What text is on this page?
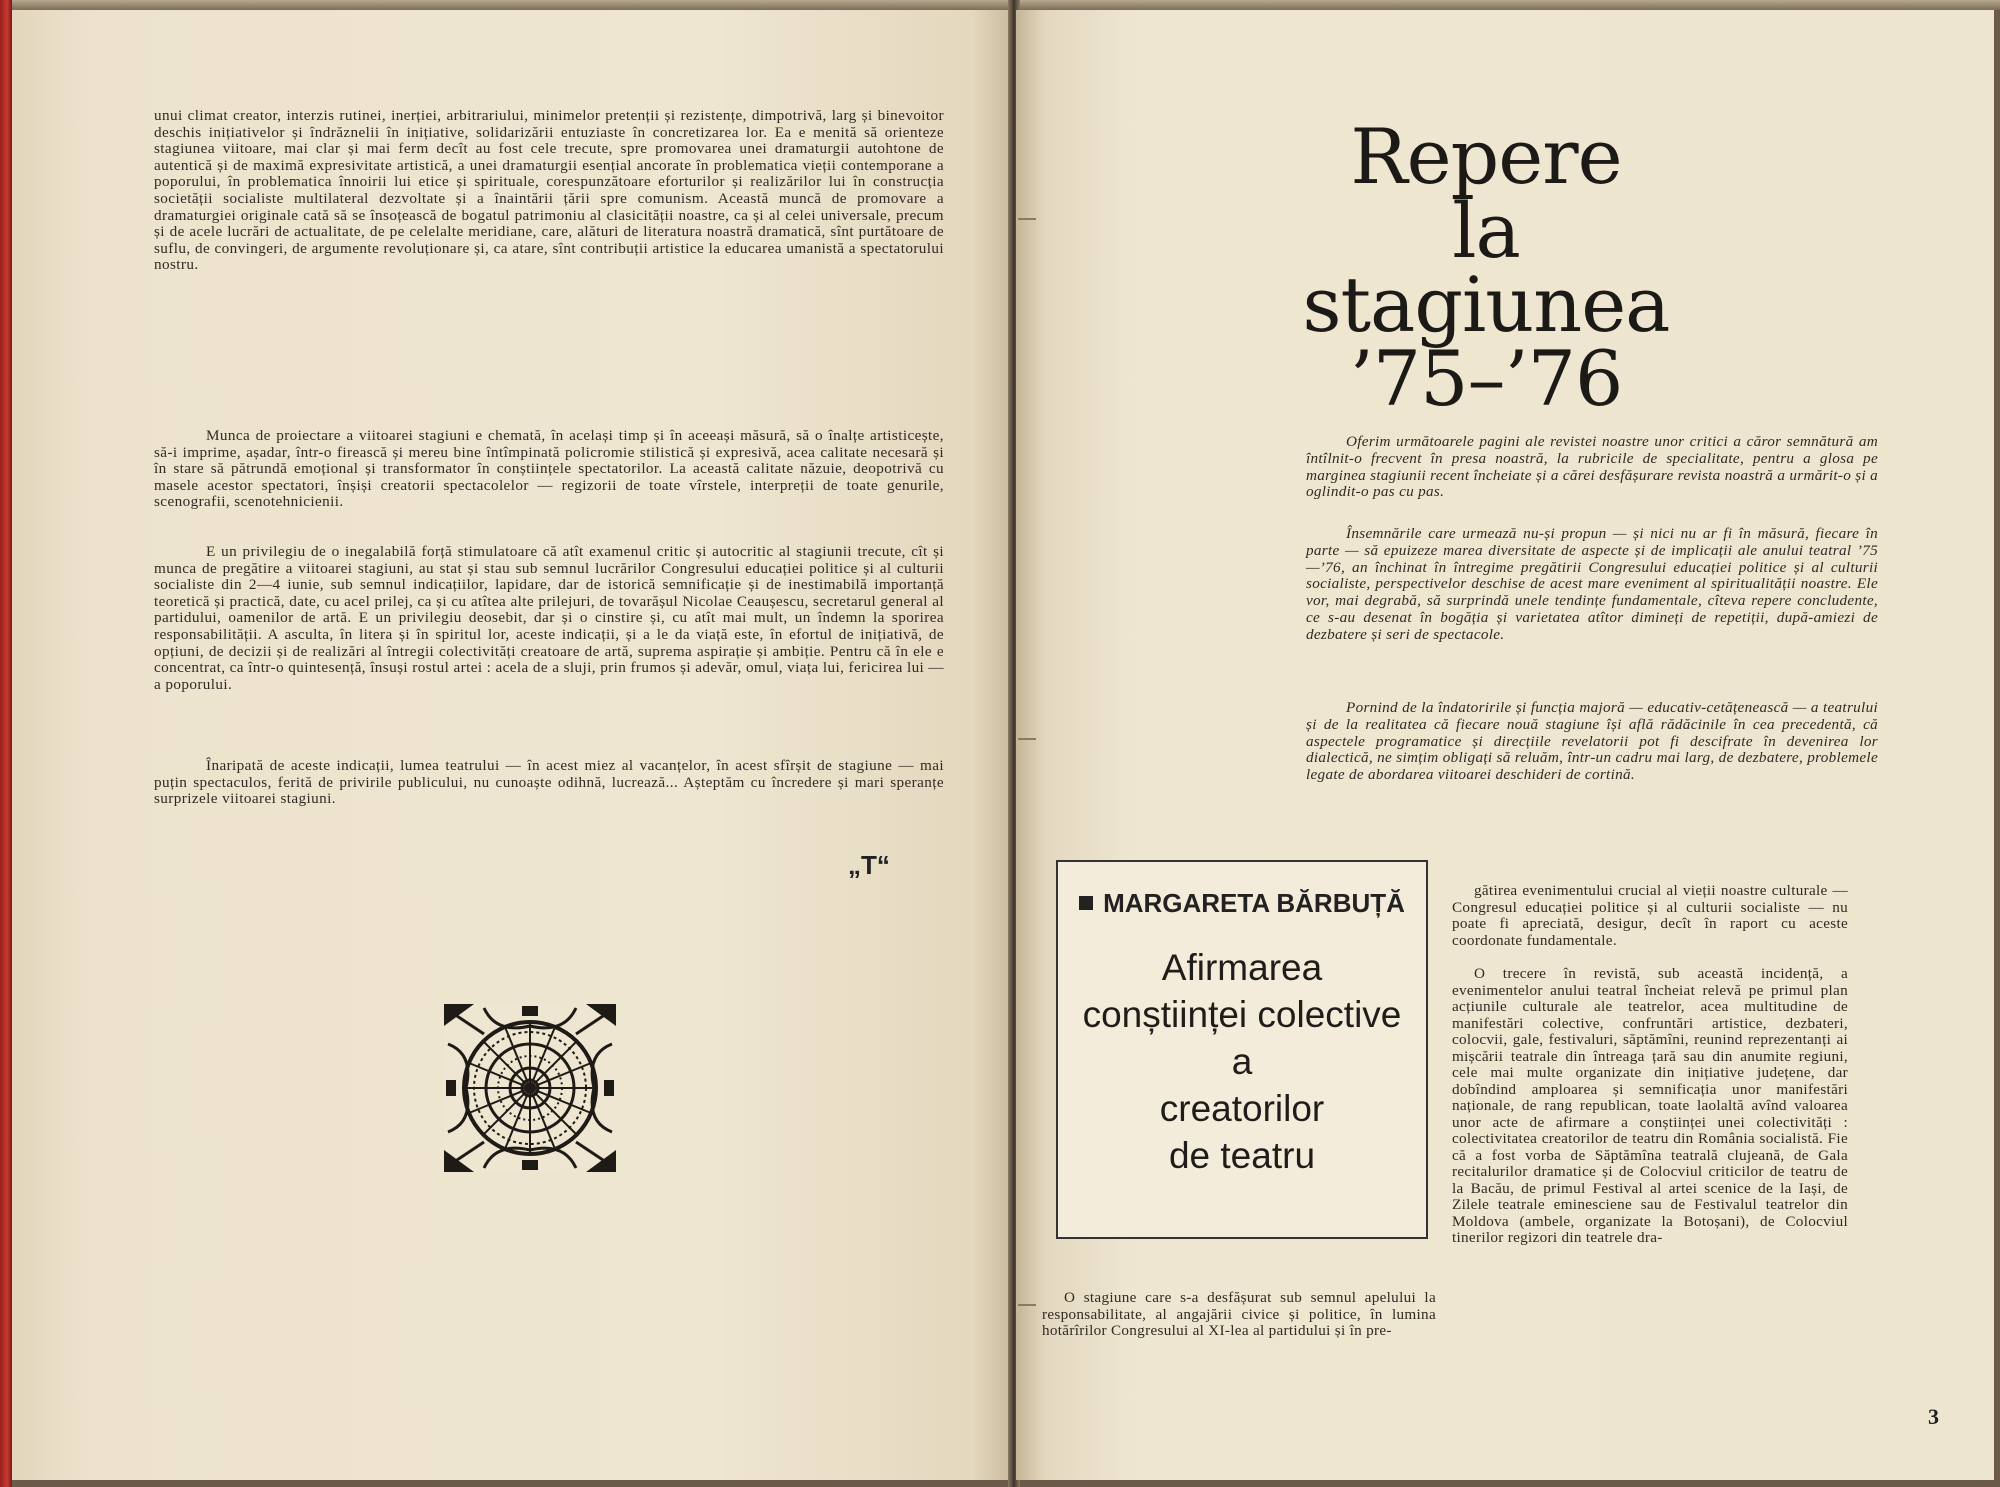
unui climat creator, interzis rutinei, inerției, arbitrariului, minimelor pretenții și rezistențe, dimpotrivă, larg și binevoitor deschis inițiativelor și îndrăznelii în inițiative, solidarizării entuziaste în concretizarea lor. Ea e menită să orienteze stagiunea viitoare, mai clar și mai ferm decît au fost cele trecute, spre promovarea unei dramaturgii autohtone de autentică și de maximă expresivitate artistică, a unei dramaturgii esențial ancorate în problematica vieții contemporane a poporului, în problematica înnoirii lui etice și spirituale, corespunzătoare eforturilor și realizărilor lui în construcția societății socialiste multilateral dezvoltate și a înaintării țării spre comunism. Această muncă de promovare a dramaturgiei originale cată să se însoțească de bogatul patrimoniu al clasicității noastre, ca și al celei universale, precum și de acele lucrări de actualitate, de pe celelalte meridiane, care, alături de literatura noastră dramatică, sînt purtătoare de suflu, de convingeri, de argumente revoluționare și, ca atare, sînt contribuții artistice la educarea umanistă a spectatorului nostru.

Munca de proiectare a viitoarei stagiuni e chemată, în același timp și în aceeași măsură, să o înalțe artisticește, să-i imprime, așadar, într-o firească și mereu bine întîmpinată policromie stilistică și expresivă, acea calitate necesară și în stare să pătrundă emoțional și transformator în conștiințele spectatorilor. La această calitate năzuie, deopotrivă cu masele acestor spectatori, înșiși creatorii spectacolelor — regizorii de toate vîrstele, interpreții de toate genurile, scenografii, scenotehnicienii.

E un privilegiu de o inegalabilă forță stimulatoare că atît examenul critic și autocritic al stagiunii trecute, cît și munca de pregătire a viitoarei stagiuni, au stat și stau sub semnul lucrărilor Congresului educației politice și al culturii socialiste din 2—4 iunie, sub semnul indicațiilor, lapidare, dar de istorică semnificație și de inestimabilă importanță teoretică și practică, date, cu acel prilej, ca și cu atîtea alte prilejuri, de tovarășul Nicolae Ceaușescu, secretarul general al partidului, oamenilor de artă. E un privilegiu deosebit, dar și o cinstire și, cu atît mai mult, un îndemn la sporirea responsabilității. A asculta, în litera și în spiritul lor, aceste indicații, și a le da viață este, în efortul de inițiativă, de opțiuni, de decizii și de realizări al întregii colectivități creatoare de artă, suprema aspirație și ambiție. Pentru că în ele e concentrat, ca într-o quintesență, însuși rostul artei : acela de a sluji, prin frumos și adevăr, omul, viața lui, fericirea lui — a poporului.

Înaripată de aceste indicații, lumea teatrului — în acest miez al vacanțelor, în acest sfîrșit de stagiune — mai puțin spectaculos, ferită de privirile publicului, nu cunoaște odihnă, lucrează... Așteptăm cu încredere și mari speranțe surprizele viitoarei stagiuni.

„T“
Repere
la
stagiunea ’75–’76

Oferim următoarele pagini ale revistei noastre unor critici a căror semnătură am întîlnit-o frecvent în presa noastră, la rubricile de specialitate, pentru a glosa pe marginea stagiunii recent încheiate și a cărei desfășurare revista noastră a urmărit-o și a oglindit-o pas cu pas.

Însemnările care urmează nu-și propun — și nici nu ar fi în măsură, fiecare în parte — să epuizeze marea diversitate de aspecte și de implicații ale anului teatral ’75—’76, an închinat în întregime pregătirii Congresului educației politice și al culturii socialiste, perspectivelor deschise de acest mare eveniment al spiritualității noastre. Ele vor, mai degrabă, să surprindă unele tendințe fundamentale, cîteva repere concludente, ce s-au desenat în bogăția și varietatea atîtor dimineți de repetiții, după-amiezi de dezbatere și seri de spectacole.

Pornind de la îndatoririle și funcția majoră — educativ-cetățenească — a teatrului și de la realitatea că fiecare nouă stagiune își află rădăcinile în cea precedentă, că aspectele programatice și direcțiile revelatorii pot fi descifrate în devenirea lor dialectică, ne simțim obligați să reluăm, într-un cadru mai larg, de dezbatere, problemele legate de abordarea viitoarei deschideri de cortină.

MARGARETA BĂRBUȚĂ
Afirmarea
conștiinței colective
a
creatorilor
de teatru

O stagiune care s-a desfășurat sub semnul apelului la responsabilitate, al angajării civice și politice, în lumina hotărîrilor Congresului al XI-lea al partidului și în pre-

gătirea evenimentului crucial al vieții noastre culturale — Congresul educației politice și al culturii socialiste — nu poate fi apreciată, desigur, decît în raport cu aceste coordonate fundamentale.

O trecere în revistă, sub această incidență, a evenimentelor anului teatral încheiat relevă pe primul plan acțiunile culturale ale teatrelor, acea multitudine de manifestări colective, confruntări artistice, dezbateri, colocvii, gale, festivaluri, săptămîni, reunind reprezentanți ai mișcării teatrale din întreaga țară sau din anumite regiuni, cele mai multe organizate din inițiative județene, dar dobîndind amploarea și semnificația unor manifestări naționale, de rang republican, toate laolaltă avînd valoarea unor acte de afirmare a conștiinței unei colectivități : colectivitatea creatorilor de teatru din România socialistă. Fie că a fost vorba de Săptămîna teatrală clujeană, de Gala recitalurilor dramatice și de Colocviul criticilor de teatru de la Bacău, de primul Festival al artei scenice de la Iași, de Zilele teatrale eminesciene sau de Festivalul teatrelor din Moldova (ambele, organizate la Botoșani), de Colocviul tinerilor regizori din teatrele dra-

3
